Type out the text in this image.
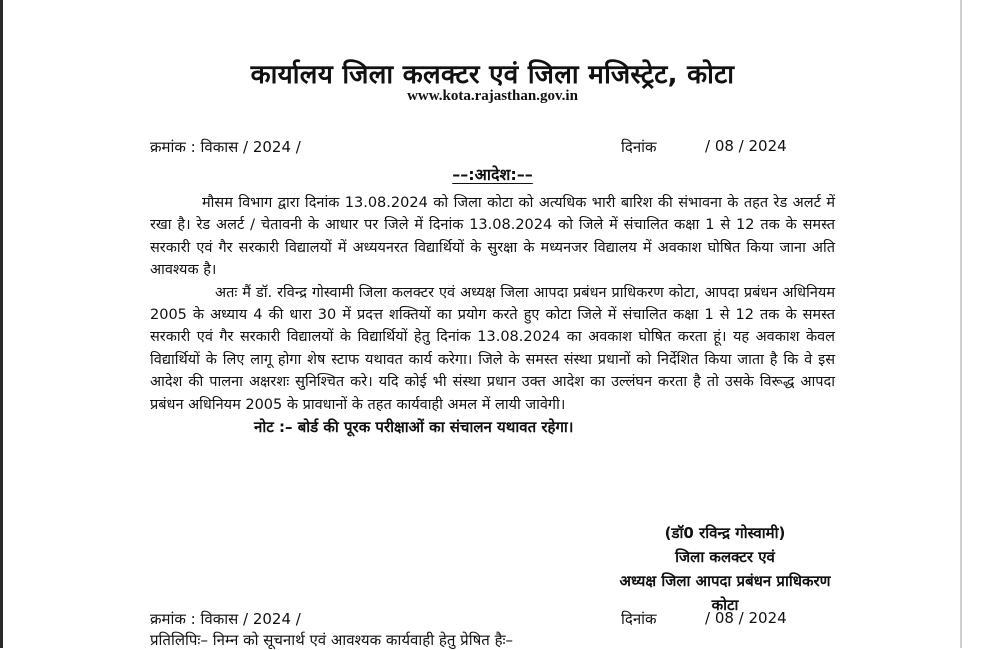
कार्यालय जिला कलक्टर एवं जिला मजिस्ट्रेट, कोटा
www.kota.rajasthan.gov.in
क्रमांक : विकास / 2024 /	दिनांक	/ 08 / 2024
––:आदेश:––

मौसम विभाग द्वारा दिनांक 13.08.2024 को जिला कोटा को अत्यधिक भारी बारिश की संभावना के तहत रेड अलर्ट में रखा है। रेड अलर्ट / चेतावनी के आधार पर जिले में दिनांक 13.08.2024 को जिले में संचालित कक्षा 1 से 12 तक के समस्त सरकारी एवं गैर सरकारी विद्यालयों में अध्ययनरत विद्यार्थियों के सुरक्षा के मध्यनजर विद्यालय में अवकाश घोषित किया जाना अति आवश्यक है।

अतः मैं डॉ. रविन्द्र गोस्वामी जिला कलक्टर एवं अध्यक्ष जिला आपदा प्रबंधन प्राधिकरण कोटा, आपदा प्रबंधन अधिनियम 2005 के अध्याय 4 की धारा 30 में प्रदत्त शक्तियों का प्रयोग करते हुए कोटा जिले में संचालित कक्षा 1 से 12 तक के समस्त सरकारी एवं गैर सरकारी विद्यालयों के विद्यार्थियों हेतु दिनांक 13.08.2024 का अवकाश घोषित करता हूं। यह अवकाश केवल विद्यार्थियों के लिए लागू होगा शेष स्टाफ यथावत कार्य करेगा। जिले के समस्त संस्था प्रधानों को निर्देशित किया जाता है कि वे इस आदेश की पालना अक्षरशः सुनिश्चित करे। यदि कोई भी संस्था प्रधान उक्त आदेश का उल्लंघन करता है तो उसके विरूद्ध आपदा प्रबंधन अधिनियम 2005 के प्रावधानों के तहत कार्यवाही अमल में लायी जावेगी।

नोट :– बोर्ड की पूरक परीक्षाओं का संचालन यथावत रहेगा।

(डॉ0 रविन्द्र गोस्वामी)
जिला कलक्टर एवं
अध्यक्ष जिला आपदा प्रबंधन प्राधिकरण
कोटा
क्रमांक : विकास / 2024 /	दिनांक	/ 08 / 2024
प्रतिलिपिः– निम्न को सूचनार्थ एवं आवश्यक कार्यवाही हेतु प्रेषित हैः–
